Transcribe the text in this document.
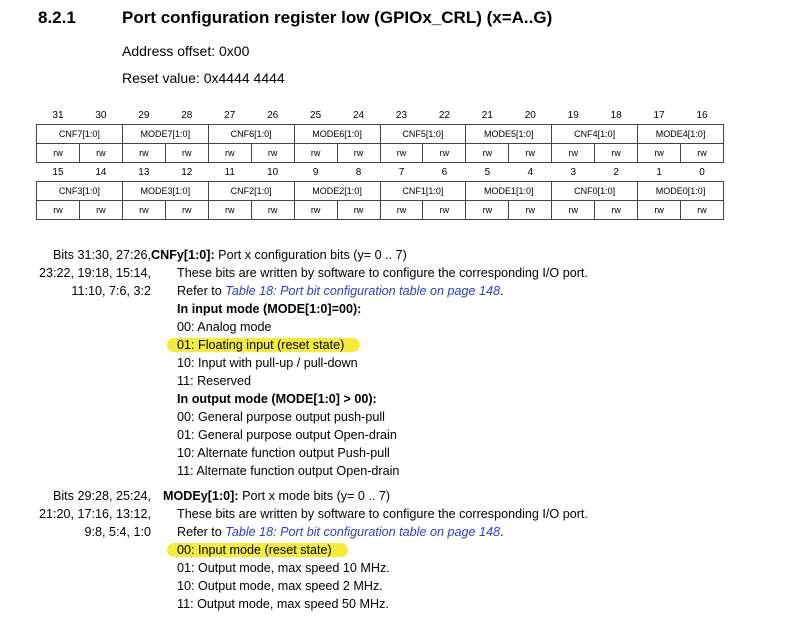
8.2.1	Port configuration register low (GPIOx_CRL) (x=A..G)
Address offset: 0x00
Reset value: 0x4444 4444
31	30	29	28	27	26	25	24	23	22	21	20	19	18	17	16
CNF7[1:0]		MODE7[1:0]		CNF6[1:0]		MODE6[1:0]		CNF5[1:0]		MODE5[1:0]		CNF4[1:0]		MODE4[1:0]	
rw	rw	rw	rw	rw	rw	rw	rw	rw	rw	rw	rw	rw	rw	rw	rw
15	14	13	12	11	10	9	8	7	6	5	4	3	2	1	0
CNF3[1:0]		MODE3[1:0]		CNF2[1:0]		MODE2[1:0]		CNF1[1:0]		MODE1[1:0]		CNF0[1:0]		MODE0[1:0]	
rw	rw	rw	rw	rw	rw	rw	rw	rw	rw	rw	rw	rw	rw	rw	rw
Bits 31:30, 27:26,
23:22, 19:18, 15:14,
11:10, 7:6, 3:2
CNFy[1:0]: Port x configuration bits (y= 0 .. 7)
These bits are written by software to configure the corresponding I/O port.
Refer to Table 18: Port bit configuration table on page 148.
In input mode (MODE[1:0]=00):
00: Analog mode
01: Floating input (reset state)
10: Input with pull-up / pull-down
11: Reserved
In output mode (MODE[1:0] > 00):
00: General purpose output push-pull
01: General purpose output Open-drain
10: Alternate function output Push-pull
11: Alternate function output Open-drain
Bits 29:28, 25:24,
21:20, 17:16, 13:12,
9:8, 5:4, 1:0
MODEy[1:0]: Port x mode bits (y= 0 .. 7)
These bits are written by software to configure the corresponding I/O port.
Refer to Table 18: Port bit configuration table on page 148.
00: Input mode (reset state)
01: Output mode, max speed 10 MHz.
10: Output mode, max speed 2 MHz.
11: Output mode, max speed 50 MHz.
